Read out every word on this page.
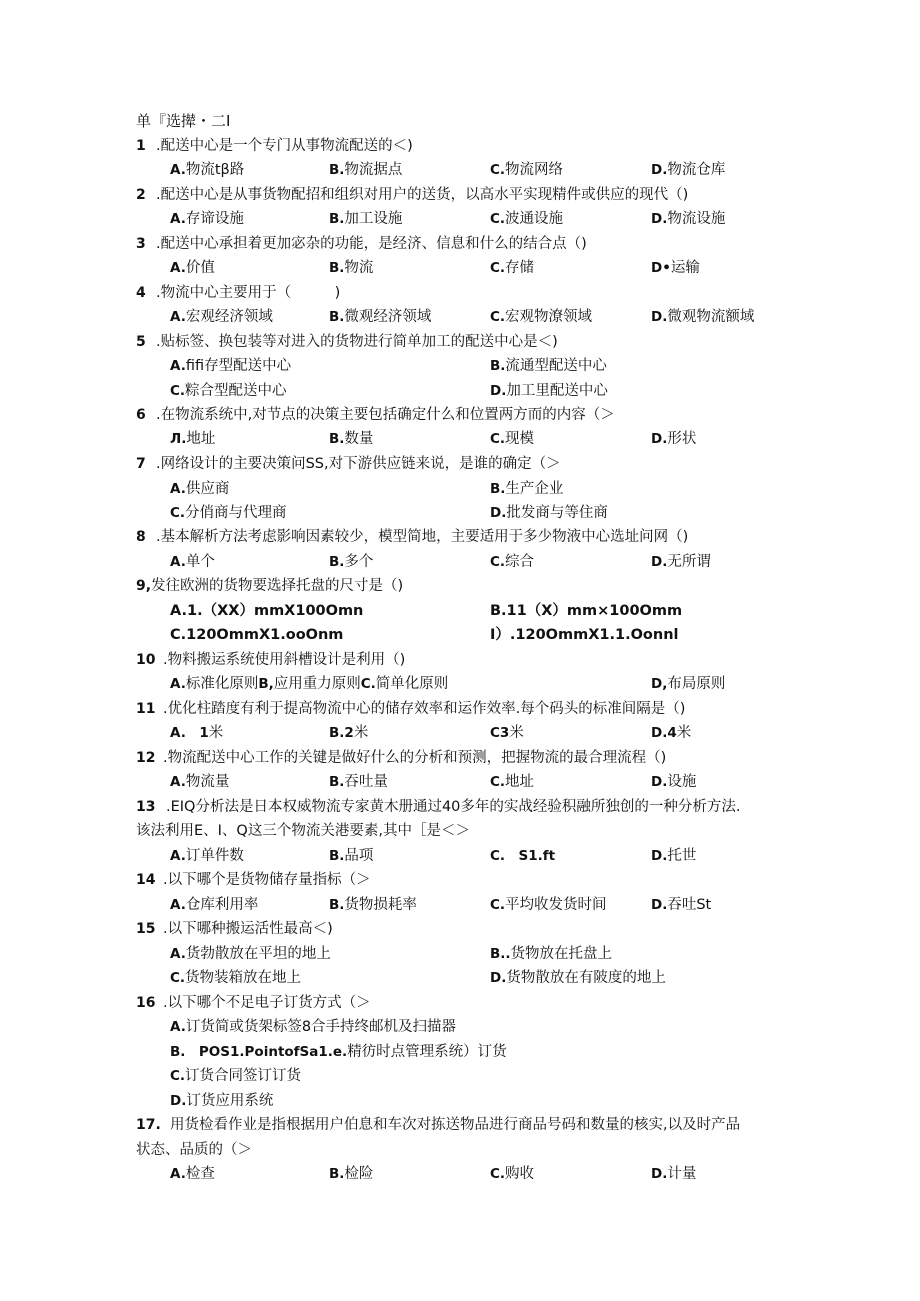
单『选撵・二I
1 .配送中心是一个专门从事物流配送的＜)
A.物流tβ路	B.物流据点	C.物流网络	D.物流仓库
2 .配送中心是从事货物配招和组织对用户的送货，以高水平实现精件或供应的现代（)
A.存谛设施	B.加工设施	C.波通设施	D.物流设施
3 .配送中心承担着更加宓杂的功能，是经济、信息和什么的结合点（)
A.价值	B.物流	C.存储	D•运输
4 .物流中心主要用于（　　　)
A.宏观经济领域	B.微观经济领域	C.宏观物潦领域	D.微观物流额域
5 .贴标签、换包装等对进入的货物进行简单加工的配送中心是＜)
A.fifi存型配送中心	B.流通型配送中心
C.粽合型配送中心	D.加工里配送中心
6 .在物流系统中,对节点的决策主要包括确定什么和位置两方而的内容（＞
Л.地址	B.数量	C.现模	D.形状
7 .网络设计的主要决策问SS,对下游供应链来说，是谁的确定（＞
A.供应商	B.生产企业
C.分俏商与代理商	D.批发商与等住商
8 .基本解析方法考虑影响因素较少，模型简地，主要适用于多少物液中心选址问网（)
A.单个	B.多个	C.综合	D.无所谓
9, 发往欧洲的货物要选择托盘的尺寸是（)
A.1.（XX）mmX100Omn	B.11（X）mm×100Omm
C.120OmmX1.ooOnm	I）.120OmmX1.1.Oonnl
10 .物料搬运系统使用斜槽设计是利用（)
A.标准化原则B,应用重力原则C.简单化原则	D,布局原则
11 .优化柱踏度有利于提高物流中心的储存效率和运作效率.每个码头的标准间隔是（)
A.　1米	B.2米	C3米	D.4米
12 .物流配送中心工作的关键是做好什么的分析和预测，把握物流的最合理流程（)
A.物流量	B.吞吐量	C.地址	D.设施
13 .EIQ分析法是日本权威物流专家黄木册通过40多年的实战经验积融所独创的一种分析方法.
该法利用E、I、Q这三个物流关港要素,其中［是＜＞
A.订单件数	B.品项	C.　S1.ft	D.托世
14 .以下哪个是货物储存量指标（＞
A.仓库利用率	B.货物损耗率	C.平均收发货时间	D.吞吐St
15 .以下哪种搬运活性最高＜)
A.货勃散放在平坦的地上	B..货物放在托盘上
C.货物装箱放在地上	D.货物散放在有陂度的地上
16 .以下哪个不足电子订货方式（＞
A.订货简或货架标签8合手持终邮机及扫描器
B.　POS1.PointofSa1.e.精彷时点管理系统）订货
C.订货合同签订订货
D.订货应用系统
17. 用货检看作业是指根据用户伯息和车次对拣送物品进行商品号码和数量的核实,以及时产品
状态、品质的（＞
A.检查	B.检险	C.购收	D.计量
